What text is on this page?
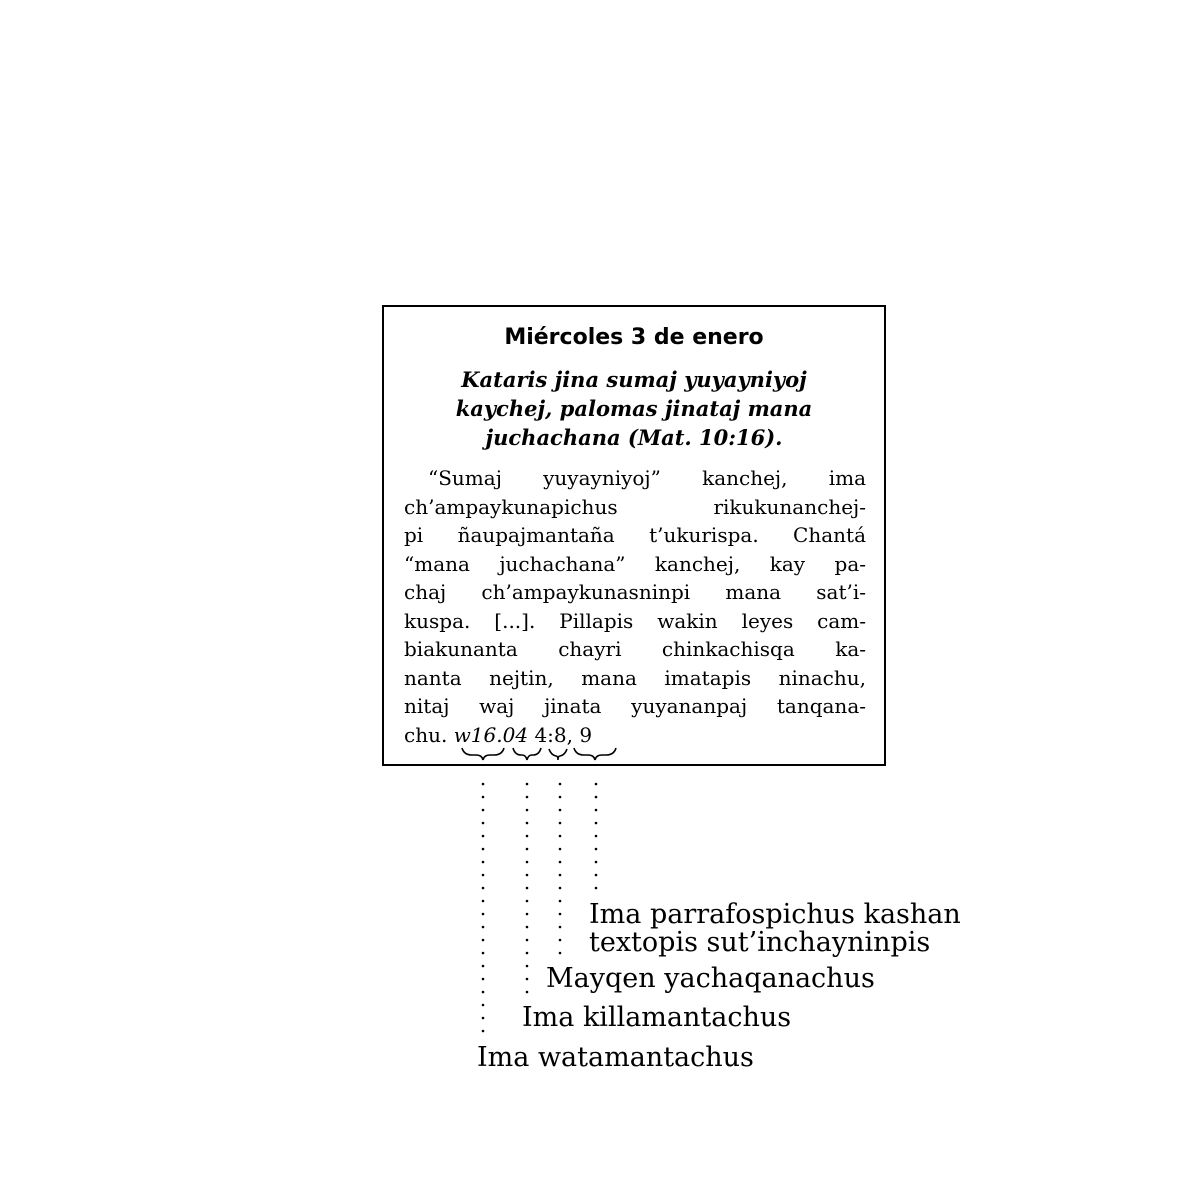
Miércoles 3 de enero
Kataris jina sumaj yuyayniyoj
kaychej, palomas jinataj mana
juchachana (Mat. 10:16).
“Sumaj yuyayniyoj” kanchej, ima
ch’ampaykunapichus rikukunanchej-
pi ñaupajmantaña t’ukurispa. Chantá
“mana juchachana” kanchej, kay pa-
chaj ch’ampaykunasninpi mana sat’i-
kuspa. [...]. Pillapis wakin leyes cam-
biakunanta chayri chinkachisqa ka-
nanta nejtin, mana imatapis ninachu,
nitaj waj jinata yuyananpaj tanqana-
chu. w16.04 4:8, 9
Ima parrafospichus kashan
textopis sut’inchayninpis
Mayqen yachaqanachus
Ima killamantachus
Ima watamantachus
